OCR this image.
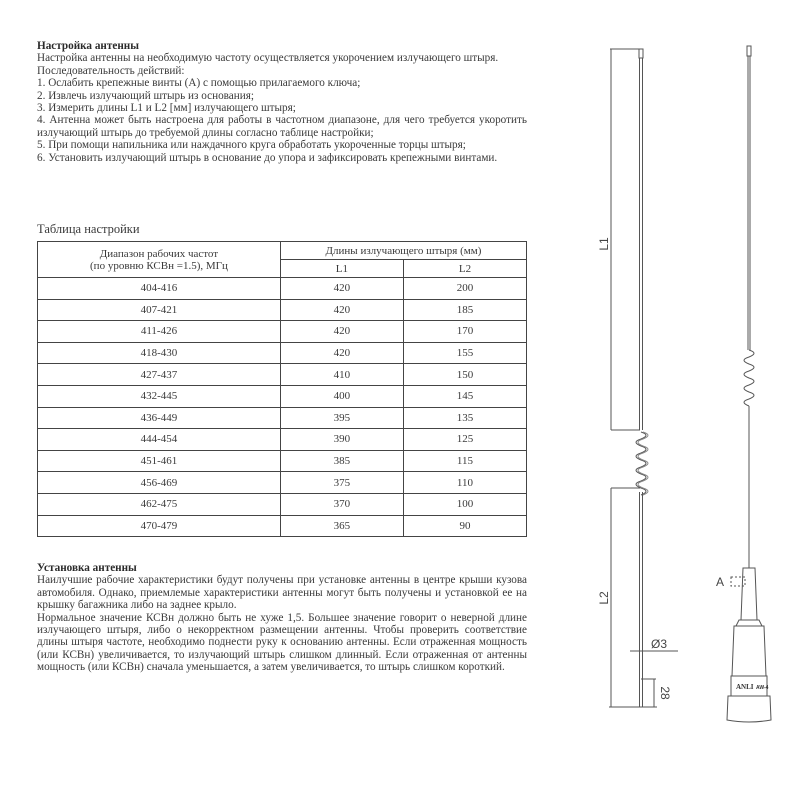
Настройка антенны

Настройка антенны на необходимую частоту осуществляется укорочением излучающего штыря.

Последовательность действий:

1. Ослабить крепежные винты (А) с помощью прилагаемого ключа;

2. Извлечь излучающий штырь из основания;

3. Измерить длины L1 и L2 [мм] излучающего штыря;

4. Антенна может быть настроена для работы в частотном диапазоне, для чего требуется укоротить излучающий штырь до требуемой длины согласно таблице настройки;

5. При помощи напильника или наждачного круга обработать укороченные торцы штыря;

6. Установить излучающий штырь в основание до упора и зафиксировать крепежными винтами.

Таблица настройки
Диапазон рабочих частот
(по уровню КСВн =1.5), МГц	Длины излучающего штыря (мм)	
	L1	L2
404-416	420	200
407-421	420	185
411-426	420	170
418-430	420	155
427-437	410	150
432-445	400	145
436-449	395	135
444-454	390	125
451-461	385	115
456-469	375	110
462-475	370	100
470-479	365	90

Установка антенны

Наилучшие рабочие характеристики будут получены при установке антенны в центре крыши кузова автомобиля. Однако, приемлемые характеристики антенны могут быть получены и установкой ее на крышку багажника либо на заднее крыло.

Нормальное значение КСВн должно быть не хуже 1,5. Большее значение говорит о неверной длине излучающего штыря, либо о некорректном размещении антенны. Чтобы проверить соответствие длины штыря частоте, необходимо поднести руку к основанию антенны. Если отраженная мощность (или КСВн) увеличивается, то излучающий штырь слишком длинный. Если отраженная от антенны мощность (или КСВн) сначала уменьшается, а затем увеличивается, то штырь слишком короткий.

L1
L2
Ø3
28
A
ANLI AW-4
